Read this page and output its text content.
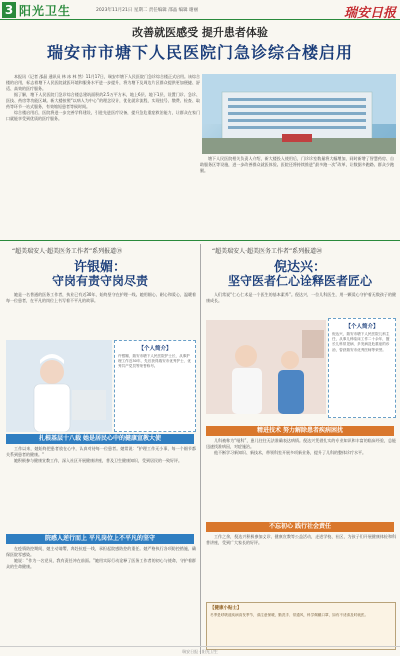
3 阳光卫生	2023年11月21日 星期二 责任编辑 邵晶 编辑 谢丽	瑞安日报
改善就医感受 提升患者体验
瑞安市市塘下人民医院门急诊综合楼启用

本报讯（记者 邵晶 通讯员 林 冰 林 然）11月17日，瑞安市塘下人民医院门急诊综合楼正式启用。该综合楼的启用，标志着塘下人民医院就医环境和服务水平进一步提升，将为塘下及周边片区群众提供更加便捷、舒适、高效的医疗服务。

据了解，塘下人民医院门急诊综合楼总建筑面积约2.5万平方米，地上6层、地下1层，设置门诊、急诊、医技、药房等功能区域。新大楼按照“以病人为中心”的理念设计，优化就诊流程，实现挂号、缴费、检查、取药等环节一站式服务，有效缩短患者等候时间。

综合楼启用后，医院将进一步完善学科建设，引进先进医疗设备，提升急危重症救治能力，让群众在家门口就能享受到优质的医疗服务。

塘下人民医院相关负责人介绍，新大楼投入使用后，门诊诊室数量将大幅增加，同时新增了智慧药房、自助服务区等设施，进一步改善群众就医体验。医院还将持续推进“最多跑一次”改革，让数据多跑路、群众少跑腿。

“超美瑞安人·超美医务工作者”系列报道⑲
许银媚：
守岗有责守岗尽责

她是一名普通的医务工作者，执业已有近30年，始终坚守在护理一线。她用细心、耐心和爱心，温暖着每一位患者，在平凡的岗位上书写着不平凡的故事。

【个人简介】
许银媚，瑞安市塘下人民医院护士长，从事护理工作近30年，先后获得瑞安市优秀护士、优秀共产党员等荣誉称号。
扎根基层十八载 她是居民心中的健康宣教大使

工作以来，她始终把患者放在心中，认真对待每一位患者。她常说：“护理工作无小事，每一个细节都关系到患者的健康。”

她积极参与健康宣教工作，深入社区开展健康讲座，普及卫生健康知识，受到居民的一致好评。

院感人逆行而上 平凡岗位上不平凡的坚守

在疫情防控期间，她主动请缨，奔赴抗疫一线，承担起院感防控的重任。她严格执行各项防控措施，确保医院零感染。

她说：“作为一名党员，我有责任冲在前面。”她用实际行动诠释了医务工作者的初心与使命，守护着群众的生命健康。

“超美瑞安人·超美医务工作者”系列报道⑳
倪达兴：
坚守医者仁心诠释医者匠心

人们常说“仁心仁术是一个医生的基本素养”。倪达兴，一位儿科医生，用一颗爱心守护着无数孩子的健康成长。

【个人简介】
倪达兴，瑞安市塘下人民医院儿科主任，从事儿科临床工作二十余年，擅长儿科常见病、多发病及危重症的诊治，曾获瑞安市优秀医师等荣誉。
精进技术 努力解除患者疾病困扰

儿科被称为“哑科”，患儿往往无法准确表达病情。倪达兴凭借扎实的专业知识和丰富的临床经验，总能迅速找准病因，对症施治。

他不断学习新知识、新技术，带领科室开展多项新业务，提升了儿科的整体诊疗水平。

不忘初心 践行社会责任

工作之余，倪达兴积极参加义诊、健康宣教等公益活动，走进学校、社区，为孩子们开展健康体检和科普讲座，受到广大家长的好评。

【健康小贴士】
冬季是呼吸道疾病高发季节，请注意保暖，勤洗手、常通风，科学佩戴口罩，如有不适请及时就医。
瑞安日报 · 阳光卫生
